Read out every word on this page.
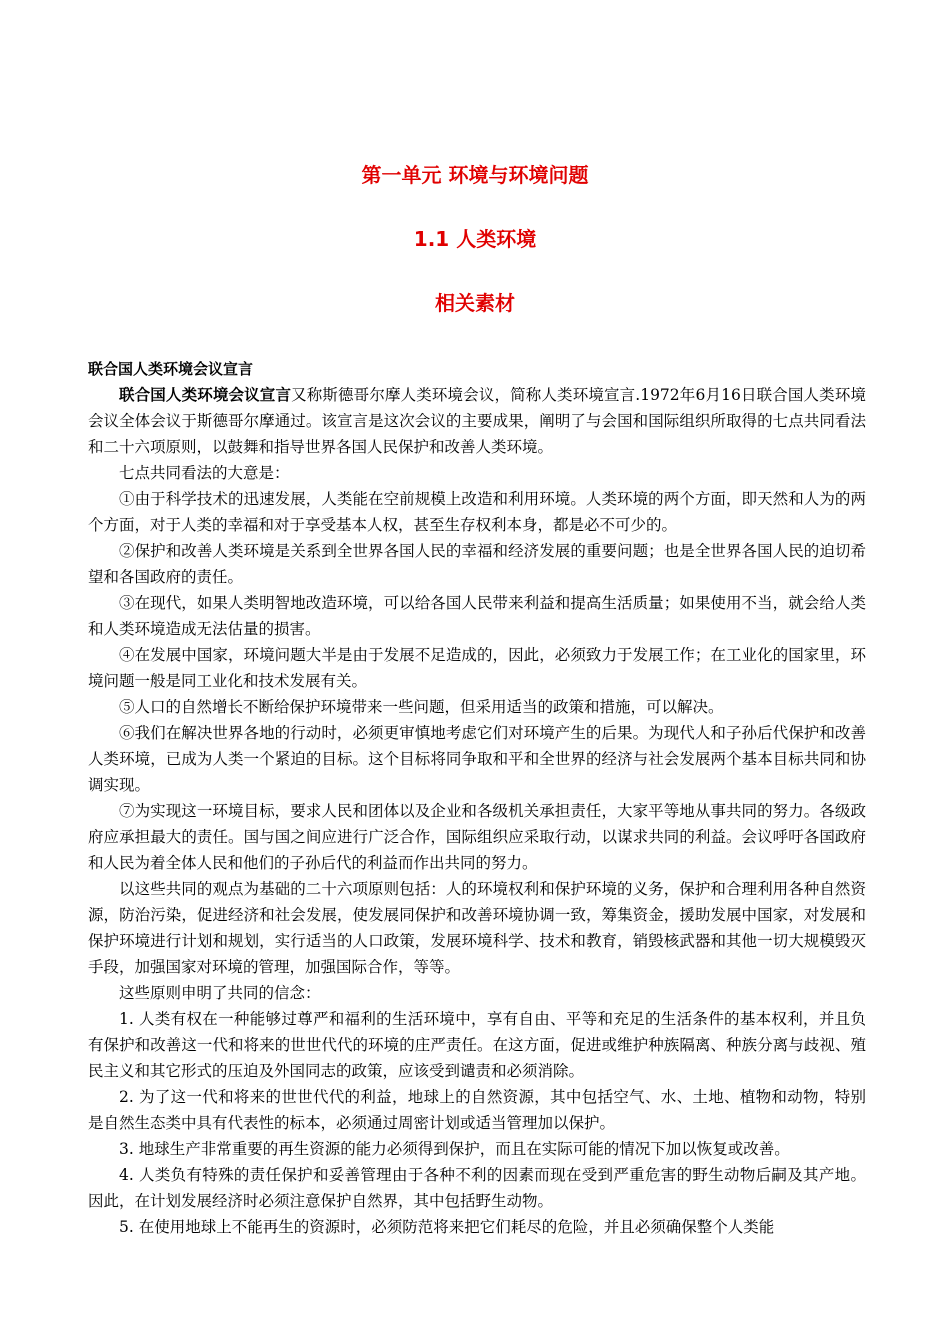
第一单元 环境与环境问题
1.1 人类环境
相关素材

联合国人类环境会议宣言

联合国人类环境会议宣言又称斯德哥尔摩人类环境会议，简称人类环境宣言.1972年6月16日联合国人类环境会议全体会议于斯德哥尔摩通过。该宣言是这次会议的主要成果，阐明了与会国和国际组织所取得的七点共同看法和二十六项原则，以鼓舞和指导世界各国人民保护和改善人类环境。

七点共同看法的大意是：

①由于科学技术的迅速发展，人类能在空前规模上改造和利用环境。人类环境的两个方面，即天然和人为的两个方面，对于人类的幸福和对于享受基本人权，甚至生存权利本身，都是必不可少的。

②保护和改善人类环境是关系到全世界各国人民的幸福和经济发展的重要问题；也是全世界各国人民的迫切希望和各国政府的责任。

③在现代，如果人类明智地改造环境，可以给各国人民带来利益和提高生活质量；如果使用不当，就会给人类和人类环境造成无法估量的损害。

④在发展中国家，环境问题大半是由于发展不足造成的，因此，必须致力于发展工作；在工业化的国家里，环境问题一般是同工业化和技术发展有关。

⑤人口的自然增长不断给保护环境带来一些问题，但采用适当的政策和措施，可以解决。

⑥我们在解决世界各地的行动时，必须更审慎地考虑它们对环境产生的后果。为现代人和子孙后代保护和改善人类环境，已成为人类一个紧迫的目标。这个目标将同争取和平和全世界的经济与社会发展两个基本目标共同和协调实现。

⑦为实现这一环境目标，要求人民和团体以及企业和各级机关承担责任，大家平等地从事共同的努力。各级政府应承担最大的责任。国与国之间应进行广泛合作，国际组织应采取行动，以谋求共同的利益。会议呼吁各国政府和人民为着全体人民和他们的子孙后代的利益而作出共同的努力。

以这些共同的观点为基础的二十六项原则包括：人的环境权利和保护环境的义务，保护和合理利用各种自然资源，防治污染，促进经济和社会发展，使发展同保护和改善环境协调一致，筹集资金，援助发展中国家，对发展和保护环境进行计划和规划，实行适当的人口政策，发展环境科学、技术和教育，销毁核武器和其他一切大规模毁灭手段，加强国家对环境的管理，加强国际合作，等等。

这些原则申明了共同的信念：

1. 人类有权在一种能够过尊严和福利的生活环境中，享有自由、平等和充足的生活条件的基本权利，并且负有保护和改善这一代和将来的世世代代的环境的庄严责任。在这方面，促进或维护种族隔离、种族分离与歧视、殖民主义和其它形式的压迫及外国同志的政策，应该受到谴责和必须消除。

2. 为了这一代和将来的世世代代的利益，地球上的自然资源，其中包括空气、水、土地、植物和动物，特别是自然生态类中具有代表性的标本，必须通过周密计划或适当管理加以保护。

3. 地球生产非常重要的再生资源的能力必须得到保护，而且在实际可能的情况下加以恢复或改善。

4. 人类负有特殊的责任保护和妥善管理由于各种不利的因素而现在受到严重危害的野生动物后嗣及其产地。因此，在计划发展经济时必须注意保护自然界，其中包括野生动物。

5. 在使用地球上不能再生的资源时，必须防范将来把它们耗尽的危险，并且必须确保整个人类能
